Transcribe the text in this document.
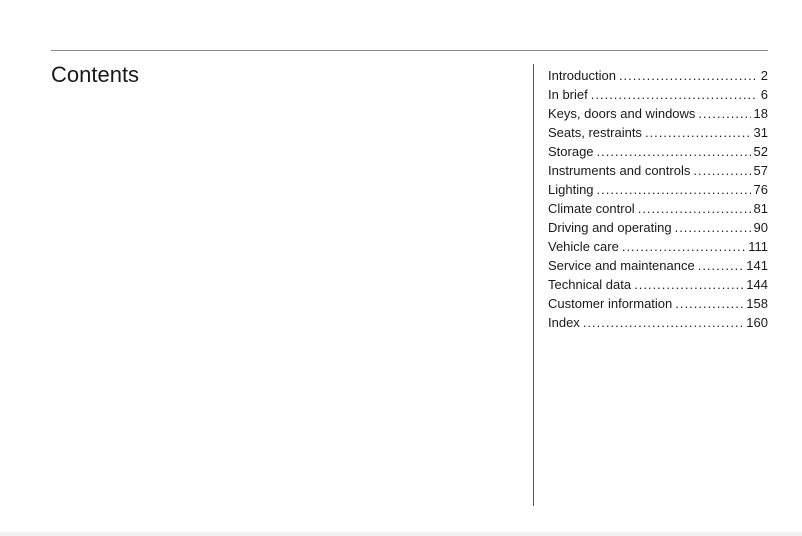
Contents	Introduction .....	2
In brief .....	6
Keys, doors and windows .....	18
Seats, restraints .....	31
Storage .....	52
Instruments and controls .....	57
Lighting .....	76
Climate control .....	81
Driving and operating .....	90
Vehicle care .....	111
Service and maintenance .....	141
Technical data .....	144
Customer information .....	158
Index .....	160
